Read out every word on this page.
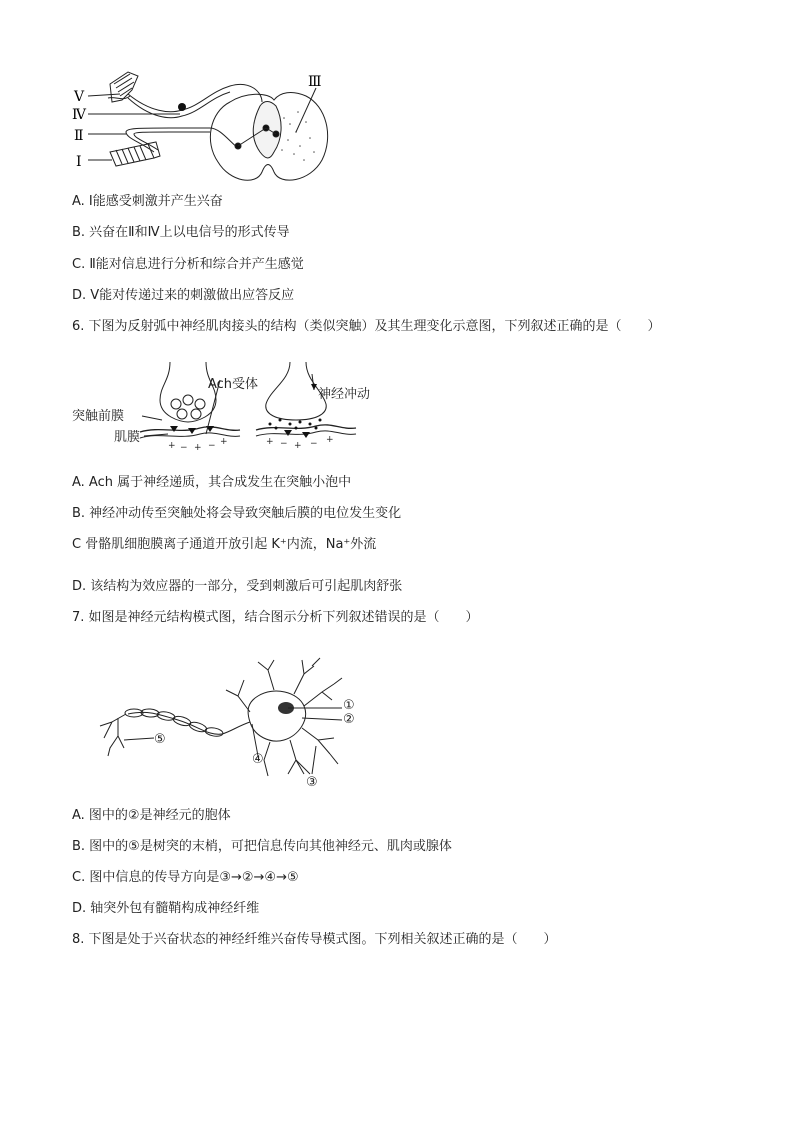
Ⅴ
Ⅳ
Ⅱ
Ⅰ
Ⅲ
A. Ⅰ能感受刺激并产生兴奋
B. 兴奋在Ⅱ和Ⅳ上以电信号的形式传导
C. Ⅱ能对信息进行分析和综合并产生感觉
D. Ⅴ能对传递过来的刺激做出应答反应
6. 下图为反射弧中神经肌肉接头的结构（类似突触）及其生理变化示意图，下列叙述正确的是（　　）
+ − + − +	+ − + − +
Ach受体
突触前膜
肌膜
神经冲动
A. Ach 属于神经递质，其合成发生在突触小泡中
B. 神经冲动传至突触处将会导致突触后膜的电位发生变化
C 骨骼肌细胞膜离子通道开放引起 K⁺内流，Na⁺外流
D. 该结构为效应器的一部分，受到刺激后可引起肌肉舒张
7. 如图是神经元结构模式图，结合图示分析下列叙述错误的是（　　）
①
②
③
④
⑤
A. 图中的②是神经元的胞体
B. 图中的⑤是树突的末梢，可把信息传向其他神经元、肌肉或腺体
C. 图中信息的传导方向是③→②→④→⑤
D. 轴突外包有髓鞘构成神经纤维
8. 下图是处于兴奋状态的神经纤维兴奋传导模式图。下列相关叙述正确的是（　　）
